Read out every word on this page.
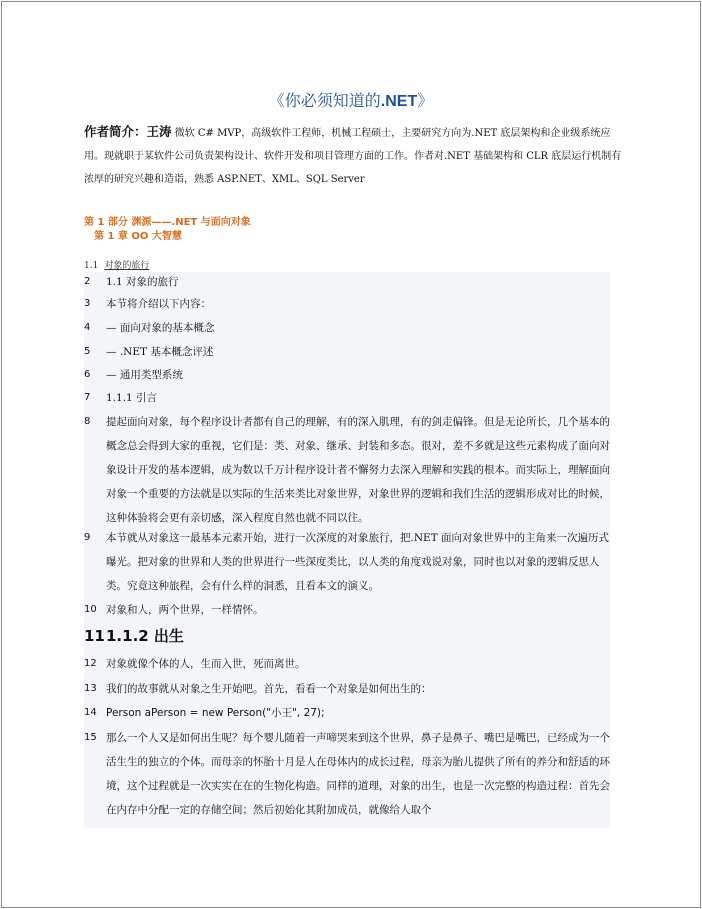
《你必须知道的.NET》
作者简介：王涛 微软 C# MVP，高级软件工程师，机械工程硕士，主要研究方向为.NET 底层架构和企业级系统应用。现就职于某软件公司负责架构设计、软件开发和项目管理方面的工作。作者对.NET 基础架构和 CLR 底层运行机制有浓厚的研究兴趣和造诣，熟悉 ASP.NET、XML、SQL Server
第 1 部分 渊源——.NET 与面向对象
第 1 章 OO 大智慧
1.1 对象的旅行
2	1.1 对象的旅行
3	本节将介绍以下内容：
4	— 面向对象的基本概念
5	— .NET 基本概念评述
6	— 通用类型系统
7	1.1.1 引言
8	提起面向对象，每个程序设计者都有自己的理解，有的深入肌理，有的剑走偏锋。但是无论所长，几个基本的概念总会得到大家的重视，它们是：类、对象、继承、封装和多态。很对，差不多就是这些元素构成了面向对象设计开发的基本逻辑，成为数以千万计程序设计者不懈努力去深入理解和实践的根本。而实际上，理解面向对象一个重要的方法就是以实际的生活来类比对象世界，对象世界的逻辑和我们生活的逻辑形成对比的时候，这种体验将会更有亲切感，深入程度自然也就不同以往。
9	本节就从对象这一最基本元素开始，进行一次深度的对象旅行，把.NET 面向对象世界中的主角来一次遍历式曝光。把对象的世界和人类的世界进行一些深度类比，以人类的角度戏说对象，同时也以对象的逻辑反思人类。究竟这种旅程，会有什么样的洞悉，且看本文的演义。
10 对象和人，两个世界，一样情怀。
11 1.1.2 出生
12 对象就像个体的人，生而入世，死而离世。
13 我们的故事就从对象之生开始吧。首先，看看一个对象是如何出生的：
14 Person aPerson = new Person("小王", 27);
15 那么一个人又是如何出生呢？每个婴儿随着一声啼哭来到这个世界，鼻子是鼻子、嘴巴是嘴巴，已经成为一个活生生的独立的个体。而母亲的怀胎十月是人在母体内的成长过程，母亲为胎儿提供了所有的养分和舒适的环境，这个过程就是一次实实在在的生物化构造。同样的道理，对象的出生，也是一次完整的构造过程：首先会在内存中分配一定的存储空间；然后初始化其附加成员，就像给人取个
